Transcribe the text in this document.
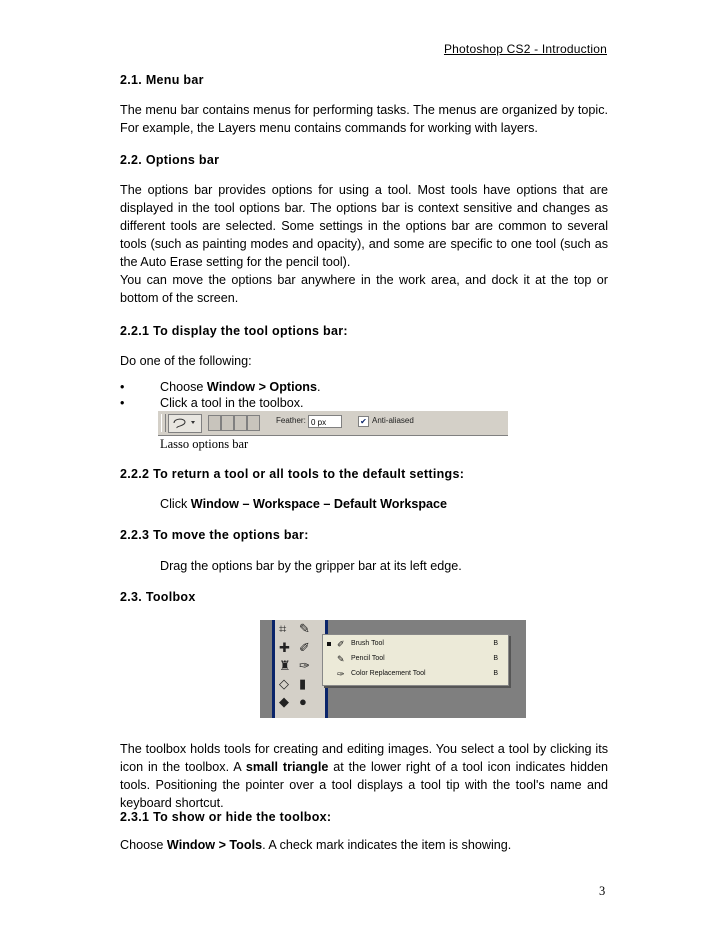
Photoshop CS2 - Introduction
2.1. Menu bar
The menu bar contains menus for performing tasks. The menus are organized by topic. For example, the Layers menu contains commands for working with layers.
2.2. Options bar
The options bar provides options for using a tool. Most tools have options that are displayed in the tool options bar. The options bar is context sensitive and changes as different tools are selected. Some settings in the options bar are common to several tools (such as painting modes and opacity), and some are specific to one tool (such as the Auto Erase setting for the pencil tool).
You can move the options bar anywhere in the work area, and dock it at the top or bottom of the screen.
2.2.1 To display the tool options bar:
Do one of the following:
•	Choose Window > Options.
•	Click a tool in the toolbox.
Feather: 0 px	✔ Anti-aliased
Lasso options bar
2.2.2 To return a tool or all tools to the default settings:
Click Window – Workspace – Default Workspace
2.2.3 To move the options bar:
Drag the options bar by the gripper bar at its left edge.
2.3. Toolbox
⌗ ✎
✚ ✐
♜ ✑
◇ ▮
◆ ●
✐ Brush Tool	B
✎ Pencil Tool	B
✑ Color Replacement Tool	B
The toolbox holds tools for creating and editing images. You select a tool by clicking its icon in the toolbox. A small triangle at the lower right of a tool icon indicates hidden tools. Positioning the pointer over a tool displays a tool tip with the tool's name and keyboard shortcut.
2.3.1 To show or hide the toolbox:
Choose Window > Tools. A check mark indicates the item is showing.
3
